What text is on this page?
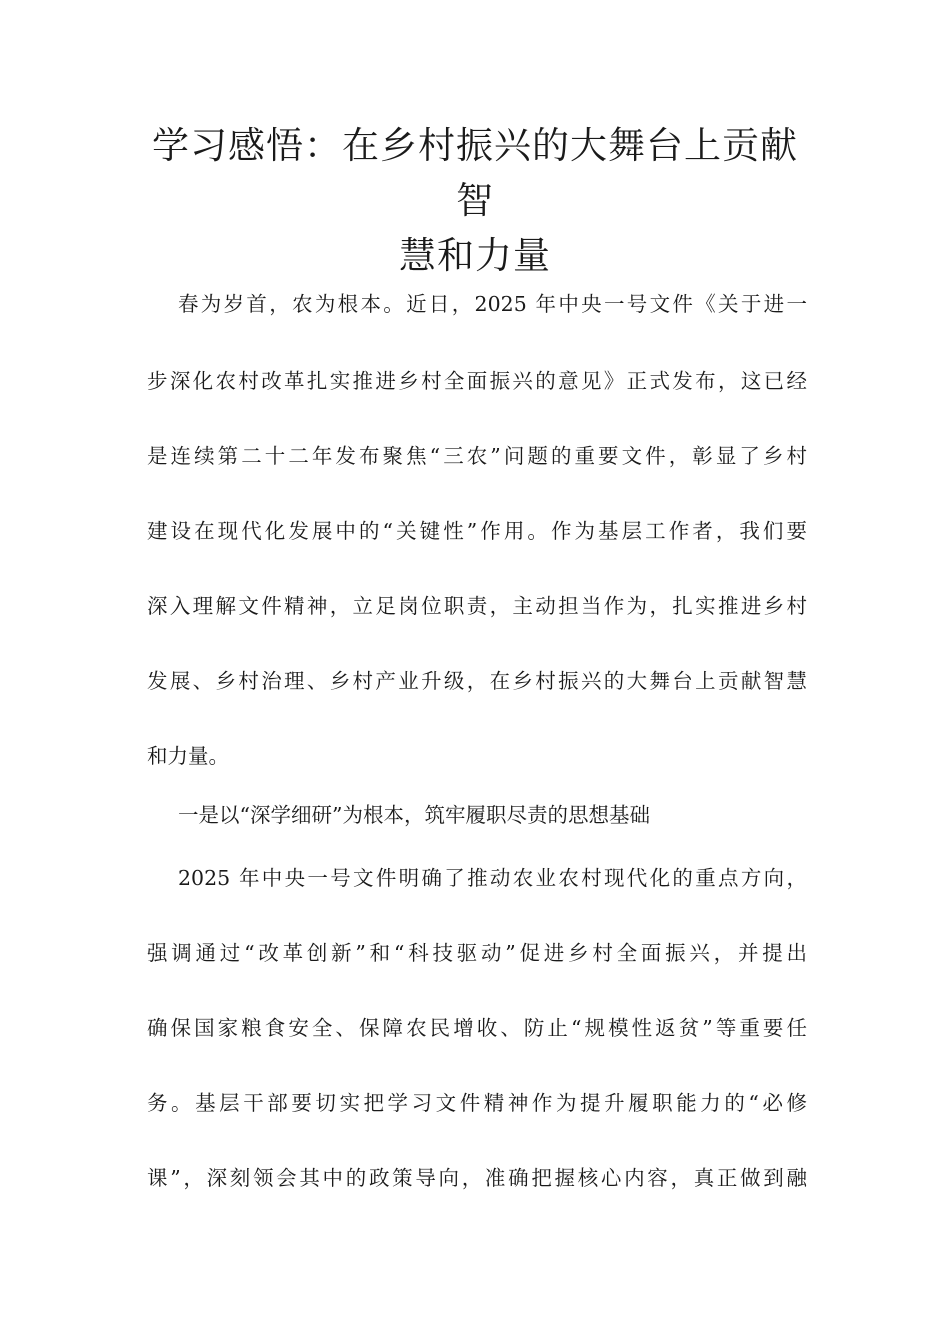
学习感悟：在乡村振兴的大舞台上贡献智
慧和力量
春为岁首，农为根本。近日，2025 年中央一号文件《关于进一
步深化农村改革扎实推进乡村全面振兴的意见》正式发布，这已经
是连续第二十二年发布聚焦“三农”问题的重要文件，彰显了乡村
建设在现代化发展中的“关键性”作用。作为基层工作者，我们要
深入理解文件精神，立足岗位职责，主动担当作为，扎实推进乡村
发展、乡村治理、乡村产业升级，在乡村振兴的大舞台上贡献智慧
和力量。
一是以“深学细研”为根本，筑牢履职尽责的思想基础
2025 年中央一号文件明确了推动农业农村现代化的重点方向，
强调通过“改革创新”和“科技驱动”促进乡村全面振兴，并提出
确保国家粮食安全、保障农民增收、防止“规模性返贫”等重要任
务。基层干部要切实把学习文件精神作为提升履职能力的“必修
课”，深刻领会其中的政策导向，准确把握核心内容，真正做到融
